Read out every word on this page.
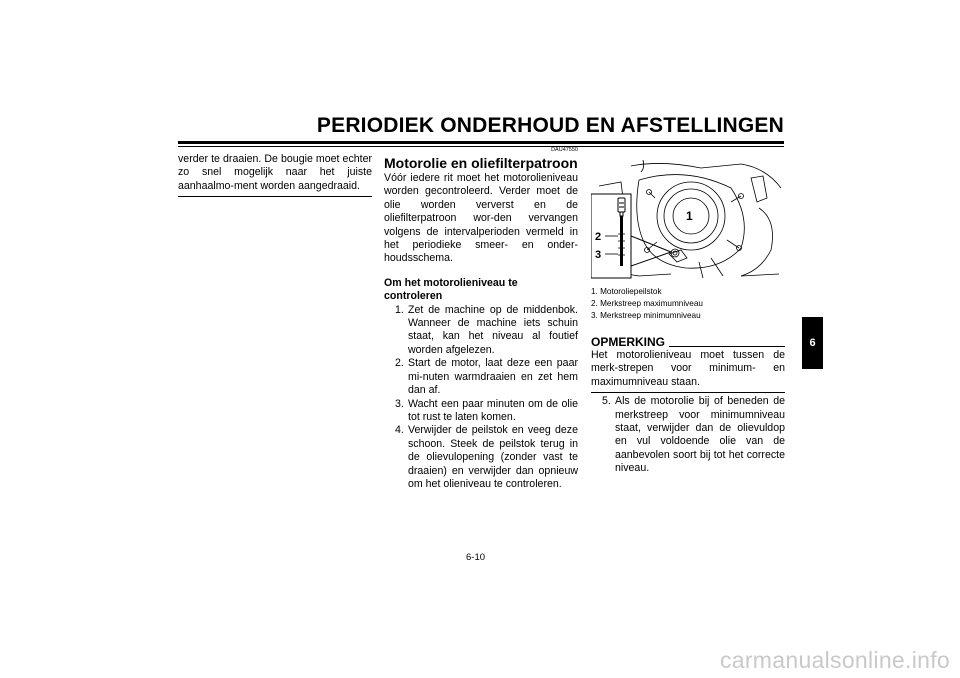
PERIODIEK ONDERHOUD EN AFSTELLINGEN
verder te draaien. De bougie moet echter zo snel mogelijk naar het juiste aanhaalmo-ment worden aangedraaid.
DAU47550
Motorolie en oliefilterpatroon
Vóór iedere rit moet het motorolieniveau worden gecontroleerd. Verder moet de olie worden ververst en de oliefilterpatroon wor-den vervangen volgens de intervalperioden vermeld in het periodieke smeer- en onder-houdsschema.
Om het motorolieniveau te controleren
1. Zet de machine op de middenbok. Wanneer de machine iets schuin staat, kan het niveau al foutief worden afgelezen.
2. Start de motor, laat deze een paar mi-nuten warmdraaien en zet hem dan af.
3. Wacht een paar minuten om de olie tot rust te laten komen.
4. Verwijder de peilstok en veeg deze schoon. Steek de peilstok terug in de olievulopening (zonder vast te draaien) en verwijder dan opnieuw om het olieniveau te controleren.
2
3
1
1. Motoroliepeilstok
2. Merkstreep maximumniveau
3. Merkstreep minimumniveau
OPMERKING
Het motorolieniveau moet tussen de merk-strepen voor minimum- en maximumniveau staan.
5. Als de motorolie bij of beneden de merkstreep voor minimumniveau staat, verwijder dan de olievuldop en vul voldoende olie van de aanbevolen soort bij tot het correcte niveau.
6
6-10
carmanualsonline.info
